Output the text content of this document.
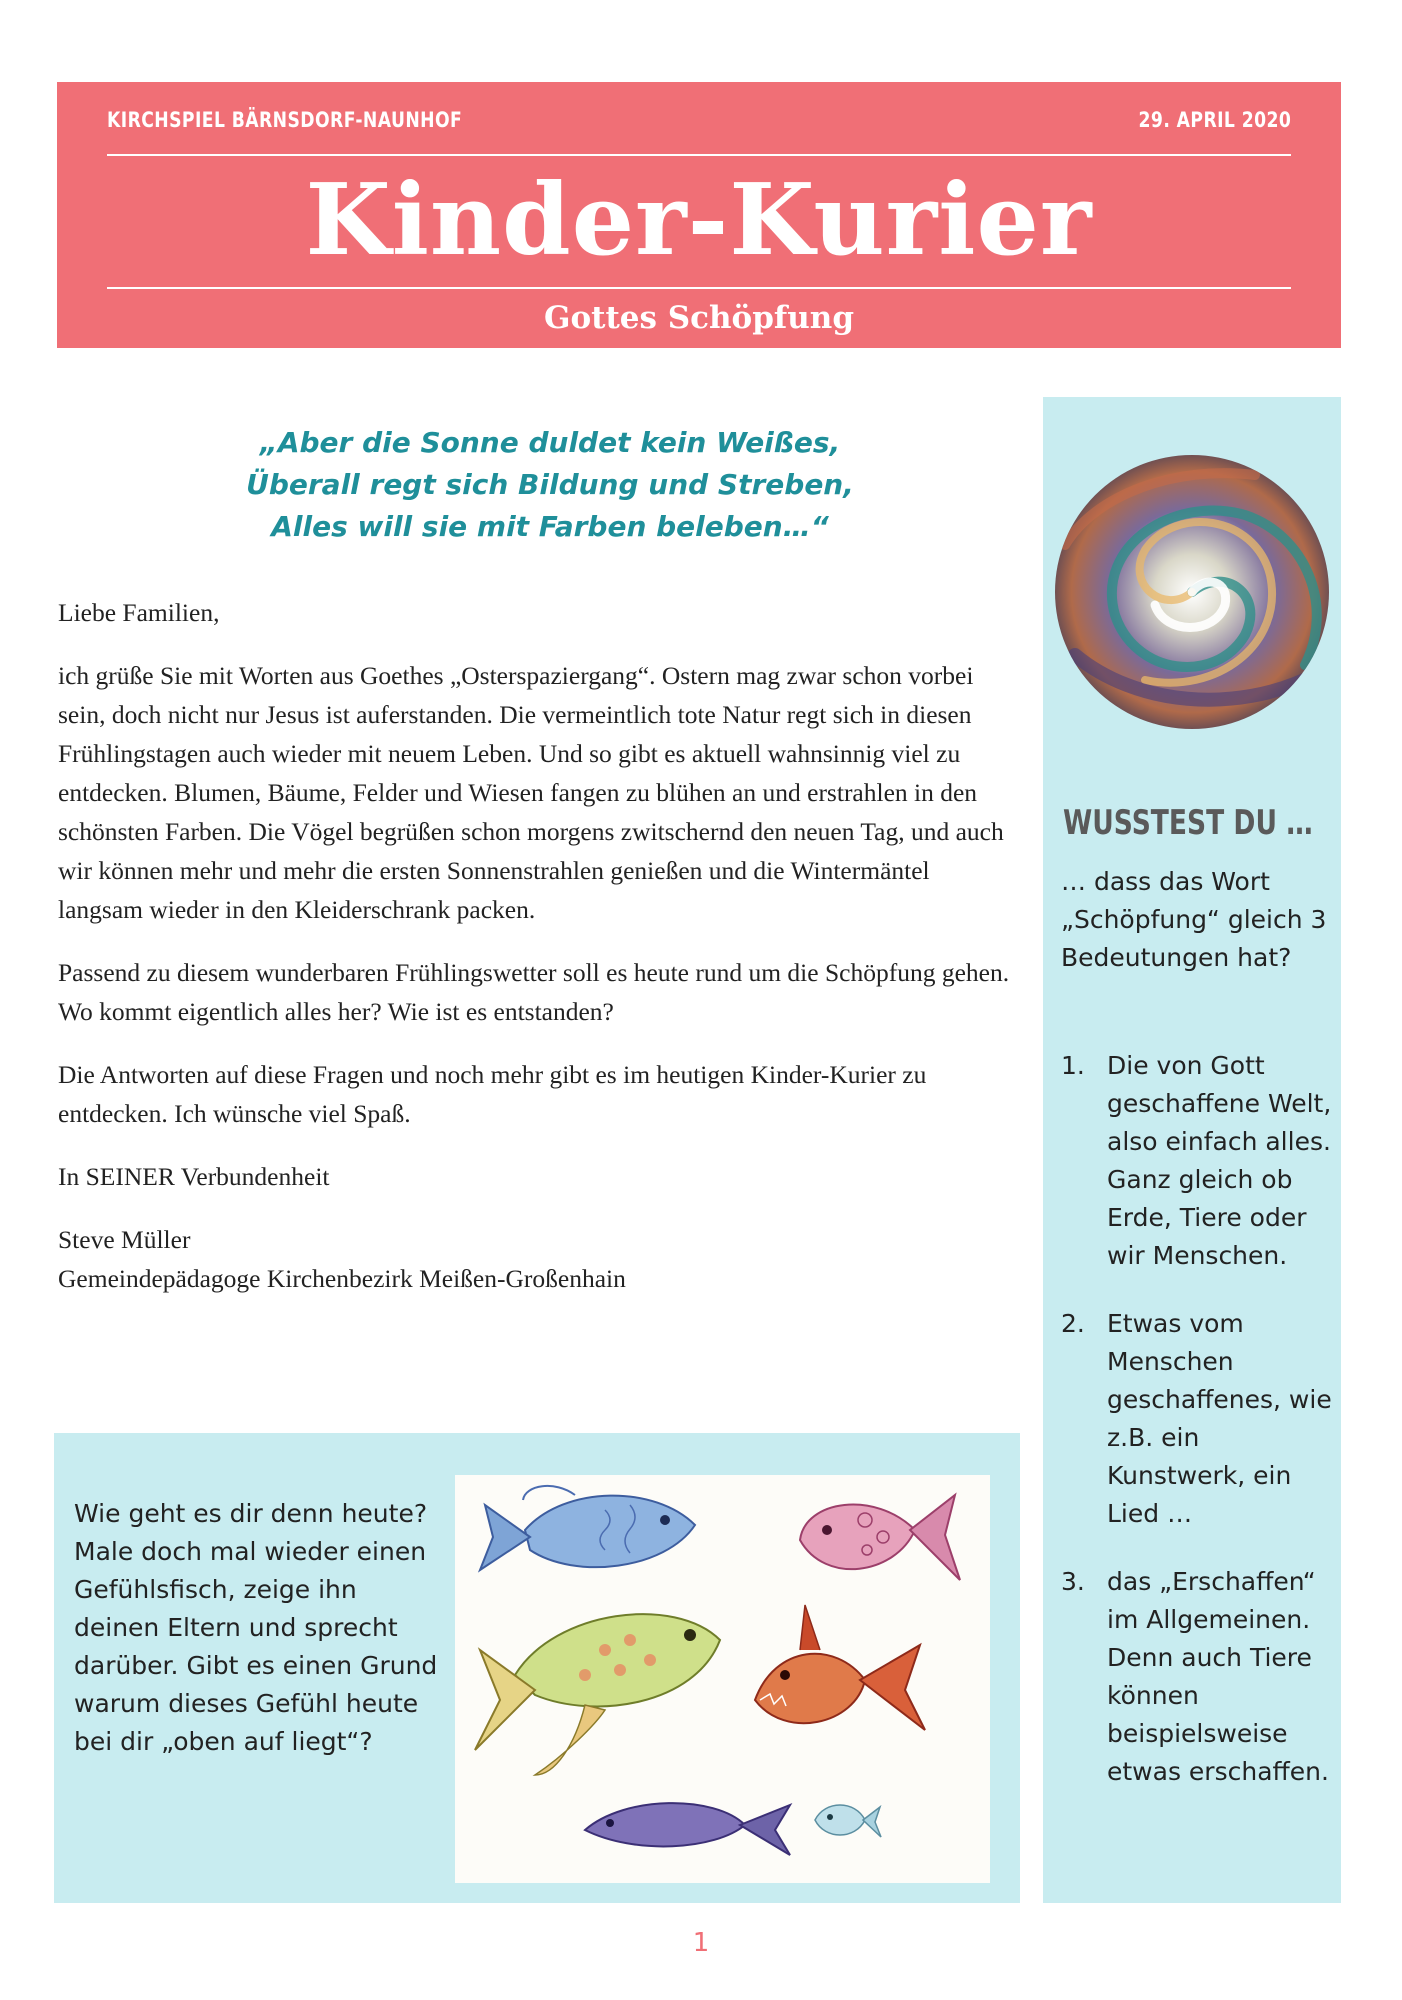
KIRCHSPIEL BÄRNSDORF-NAUNHOF	29. APRIL 2020
Kinder-Kurier
Gottes Schöpfung
„Aber die Sonne duldet kein Weißes,
Überall regt sich Bildung und Streben,
Alles will sie mit Farben beleben…“

Liebe Familien,

ich grüße Sie mit Worten aus Goethes „Osterspaziergang“. Ostern mag zwar schon vorbei sein, doch nicht nur Jesus ist auferstanden. Die vermeintlich tote Natur regt sich in diesen Frühlingstagen auch wieder mit neuem Leben. Und so gibt es aktuell wahnsinnig viel zu entdecken. Blumen, Bäume, Felder und Wiesen fangen zu blühen an und erstrahlen in den schönsten Farben. Die Vögel begrüßen schon morgens zwitschernd den neuen Tag, und auch wir können mehr und mehr die ersten Sonnenstrahlen genießen und die Wintermäntel langsam wieder in den Kleiderschrank packen.

Passend zu diesem wunderbaren Frühlingswetter soll es heute rund um die Schöpfung gehen. Wo kommt eigentlich alles her? Wie ist es entstanden?

Die Antworten auf diese Fragen und noch mehr gibt es im heutigen Kinder-Kurier zu entdecken. Ich wünsche viel Spaß.

In SEINER Verbundenheit

Steve Müller
Gemeindepädagoge Kirchenbezirk Meißen-Großenhain

Wie geht es dir denn heute? Male doch mal wieder einen Gefühlsfisch, zeige ihn deinen Eltern und sprecht darüber. Gibt es einen Grund warum dieses Gefühl heute bei dir „oben auf liegt“?
WUSSTEST DU …
… dass das Wort „Schöpfung“ gleich 3 Bedeutungen hat?
1. Die von Gott geschaffene Welt, also einfach alles. Ganz gleich ob Erde, Tiere oder wir Menschen.
2. Etwas vom Menschen geschaffenes, wie z.B. ein Kunstwerk, ein Lied …
3. das „Erschaffen“ im Allgemeinen. Denn auch Tiere können beispielsweise etwas erschaffen.
1
